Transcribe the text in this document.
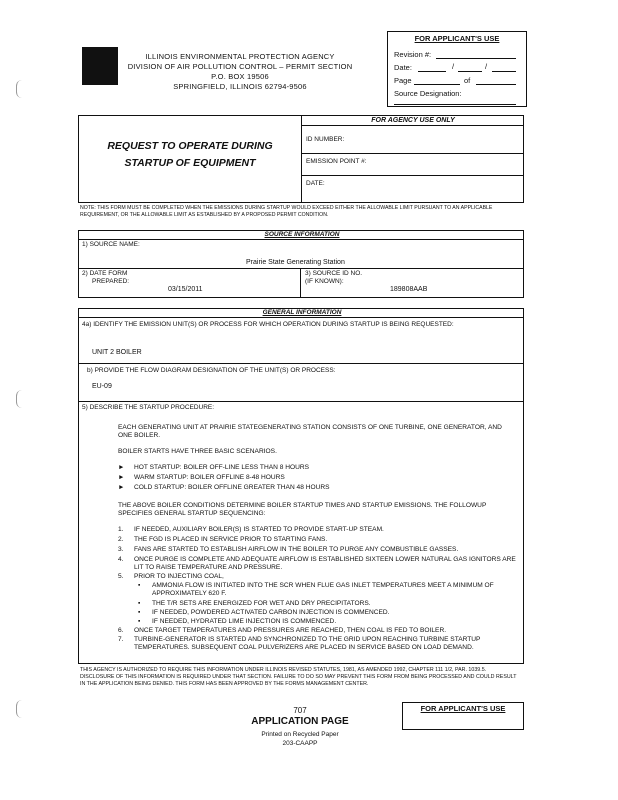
ILLINOIS ENVIRONMENTAL PROTECTION AGENCY
DIVISION OF AIR POLLUTION CONTROL – PERMIT SECTION
P.O. BOX 19506
SPRINGFIELD, ILLINOIS 62794-9506
FOR APPLICANT'S USE
Revision #:
Date:	/	/
Page	of
Source Designation:
REQUEST TO OPERATE DURING
STARTUP OF EQUIPMENT
FOR AGENCY USE ONLY
ID NUMBER:
EMISSION POINT #:
DATE:
NOTE: THIS FORM MUST BE COMPLETED WHEN THE EMISSIONS DURING STARTUP WOULD EXCEED EITHER THE ALLOWABLE LIMIT PURSUANT TO AN APPLICABLE REQUIREMENT, OR THE ALLOWABLE LIMIT AS ESTABLISHED BY A PROPOSED PERMIT CONDITION.
SOURCE INFORMATION
1) SOURCE NAME:
Prairie State Generating Station
2) DATE FORM
PREPARED:
03/15/2011
3) SOURCE ID NO.
(IF KNOWN):
189808AAB
GENERAL INFORMATION
4a) IDENTIFY THE EMISSION UNIT(S) OR PROCESS FOR WHICH OPERATION DURING STARTUP IS BEING REQUESTED:
UNIT 2 BOILER
b) PROVIDE THE FLOW DIAGRAM DESIGNATION OF THE UNIT(S) OR PROCESS:
EU-09
5) DESCRIBE THE STARTUP PROCEDURE:
EACH GENERATING UNIT AT PRAIRIE STATEGENERATING STATION CONSISTS OF ONE TURBINE, ONE GENERATOR, AND ONE BOILER.
BOILER STARTS HAVE THREE BASIC SCENARIOS.
► HOT STARTUP: BOILER OFF-LINE LESS THAN 8 HOURS
► WARM STARTUP: BOILER OFFLINE 8-48 HOURS
► COLD STARTUP: BOILER OFFLINE GREATER THAN 48 HOURS
THE ABOVE BOILER CONDITIONS DETERMINE BOILER STARTUP TIMES AND STARTUP EMISSIONS. THE FOLLOWUP SPECIFIES GENERAL STARTUP SEQUENCING:
1. IF NEEDED, AUXILIARY BOILER(S) IS STARTED TO PROVIDE START-UP STEAM.
2. THE FGD IS PLACED IN SERVICE PRIOR TO STARTING FANS.
3. FANS ARE STARTED TO ESTABLISH AIRFLOW IN THE BOILER TO PURGE ANY COMBUSTIBLE GASSES.
4. ONCE PURGE IS COMPLETE AND ADEQUATE AIRFLOW IS ESTABLISHED SIXTEEN LOWER NATURAL GAS IGNITORS ARE LIT TO RAISE TEMPERATURE AND PRESSURE.
5. PRIOR TO INJECTING COAL,
▪ AMMONIA FLOW IS INITIATED INTO THE SCR WHEN FLUE GAS INLET TEMPERATURES MEET A MINIMUM OF APPROXIMATELY 620 F.
▪ THE T/R SETS ARE ENERGIZED FOR WET AND DRY PRECIPITATORS.
▪ IF NEEDED, POWDERED ACTIVATED CARBON INJECTION IS COMMENCED.
▪ IF NEEDED, HYDRATED LIME INJECTION IS COMMENCED.
6. ONCE TARGET TEMPERATURES AND PRESSURES ARE REACHED, THEN COAL IS FED TO BOILER.
7. TURBINE-GENERATOR IS STARTED AND SYNCHRONIZED TO THE GRID UPON REACHING TURBINE STARTUP TEMPERATURES. SUBSEQUENT COAL PULVERIZERS ARE PLACED IN SERVICE BASED ON LOAD DEMAND.
THIS AGENCY IS AUTHORIZED TO REQUIRE THIS INFORMATION UNDER ILLINOIS REVISED STATUTES, 1981, AS AMENDED 1992, CHAPTER 111 1/2, PAR. 1039.5. DISCLOSURE OF THIS INFORMATION IS REQUIRED UNDER THAT SECTION. FAILURE TO DO SO MAY PREVENT THIS FORM FROM BEING PROCESSED AND COULD RESULT IN THE APPLICATION BEING DENIED. THIS FORM HAS BEEN APPROVED BY THE FORMS MANAGEMENT CENTER.
707
APPLICATION PAGE
Printed on Recycled Paper
203-CAAPP
FOR APPLICANT'S USE
